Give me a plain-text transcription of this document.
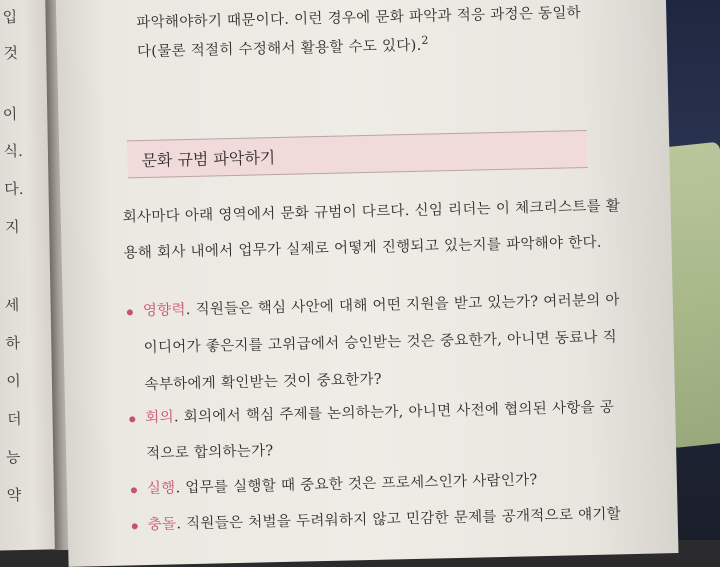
입
것
이
식.
다.
지
세
하
이
더
능
약
파악해야하기 때문이다. 이런 경우에 문화 파악과 적응 과정은 동일하
다(물론 적절히 수정해서 활용할 수도 있다).$^2$
문화 규범 파악하기
회사마다 아래 영역에서 문화 규범이 다르다. 신임 리더는 이 체크리스트를 활
용해 회사 내에서 업무가 실제로 어떻게 진행되고 있는지를 파악해야 한다.
영향력. 직원들은 핵심 사안에 대해 어떤 지원을 받고 있는가? 여러분의 아
이디어가 좋은지를 고위급에서 승인받는 것은 중요한가, 아니면 동료나 직
속부하에게 확인받는 것이 중요한가?
회의. 회의에서 핵심 주제를 논의하는가, 아니면 사전에 협의된 사항을 공
적으로 합의하는가?
실행. 업무를 실행할 때 중요한 것은 프로세스인가 사람인가?
충돌. 직원들은 처벌을 두려워하지 않고 민감한 문제를 공개적으로 얘기할
